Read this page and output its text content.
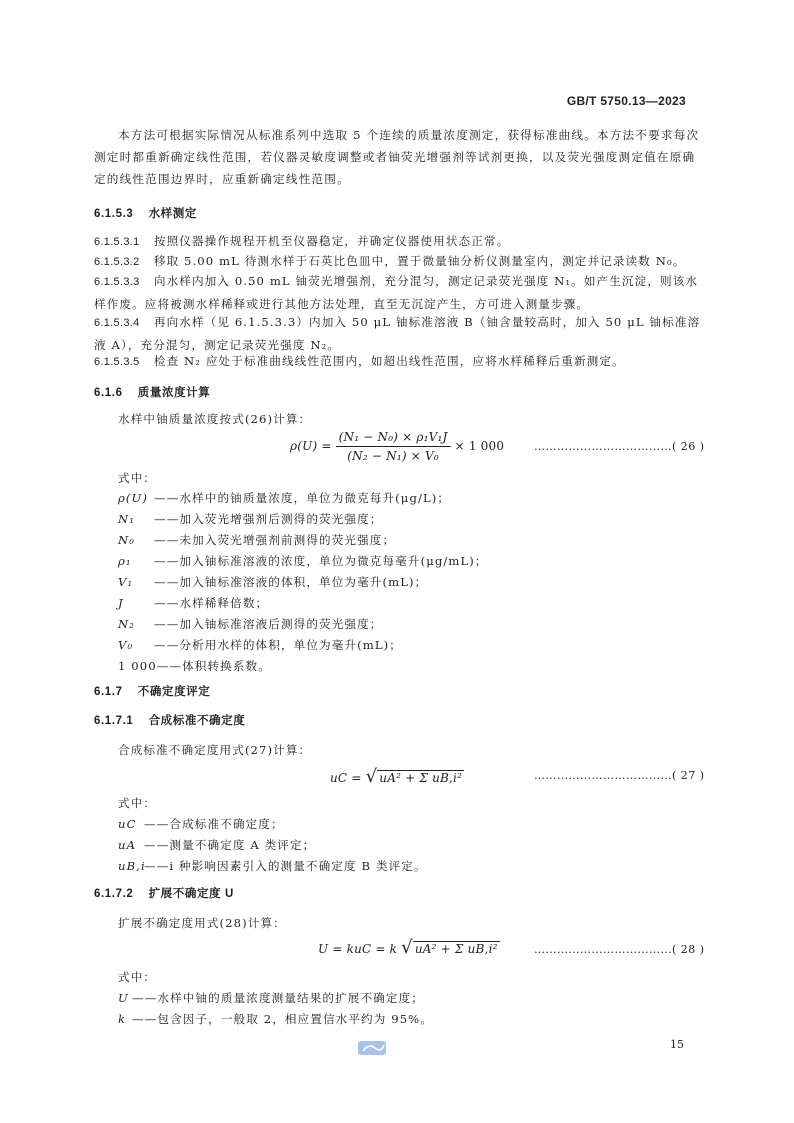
GB/T 5750.13—2023
本方法可根据实际情况从标准系列中选取 5 个连续的质量浓度测定，获得标准曲线。本方法不要求每次测定时都重新确定线性范围，若仪器灵敏度调整或者铀荧光增强剂等试剂更换，以及荧光强度测定值在原确定的线性范围边界时，应重新确定线性范围。
6.1.5.3 水样测定
6.1.5.3.1 按照仪器操作规程开机至仪器稳定，并确定仪器使用状态正常。
6.1.5.3.2 移取 5.00 mL 待测水样于石英比色皿中，置于微量铀分析仪测量室内，测定并记录读数 N₀。
6.1.5.3.3 向水样内加入 0.50 mL 铀荧光增强剂，充分混匀，测定记录荧光强度 N₁。如产生沉淀，则该水样作废。应将被测水样稀释或进行其他方法处理，直至无沉淀产生，方可进入测量步骤。
6.1.5.3.4 再向水样（见 6.1.5.3.3）内加入 50 μL 铀标准溶液 B（铀含量较高时，加入 50 μL 铀标准溶液 A），充分混匀，测定记录荧光强度 N₂。
6.1.5.3.5 检查 N₂ 应处于标准曲线线性范围内，如超出线性范围，应将水样稀释后重新测定。
6.1.6 质量浓度计算
水样中铀质量浓度按式(26)计算：
$\rho(U) = \frac{\text{(N₁ − N₀) × ρ₁V₁J}}{\text{(N₂ − N₁) × V₀}} \times 1$ 000	………………………………( 26 )
式中：
ρ(U) ——水样中的铀质量浓度，单位为微克每升(μg/L)；
N₁ ——加入荧光增强剂后测得的荧光强度；
N₀ ——未加入荧光增强剂前测得的荧光强度；
ρ₁ ——加入铀标准溶液的浓度，单位为微克每毫升(μg/mL)；
V₁ ——加入铀标准溶液的体积，单位为毫升(mL)；
J	——水样稀释倍数；
N₂ ——加入铀标准溶液后测得的荧光强度；
V₀ ——分析用水样的体积，单位为毫升(mL)；
1 000——体积转换系数。
6.1.7 不确定度评定
6.1.7.1 合成标准不确定度
合成标准不确定度用式(27)计算：
uC = √ uA² + Σ uB,i²	………………………………( 27 )
式中：
uC ——合成标准不确定度；
uA ——测量不确定度 A 类评定；
uB,i——i 种影响因素引入的测量不确定度 B 类评定。
6.1.7.2 扩展不确定度 U
扩展不确定度用式(28)计算：
U = kuC = k √ uA² + Σ uB,i²	………………………………( 28 )
式中：
U ——水样中铀的质量浓度测量结果的扩展不确定度；
k ——包含因子，一般取 2，相应置信水平约为 95%。
15
